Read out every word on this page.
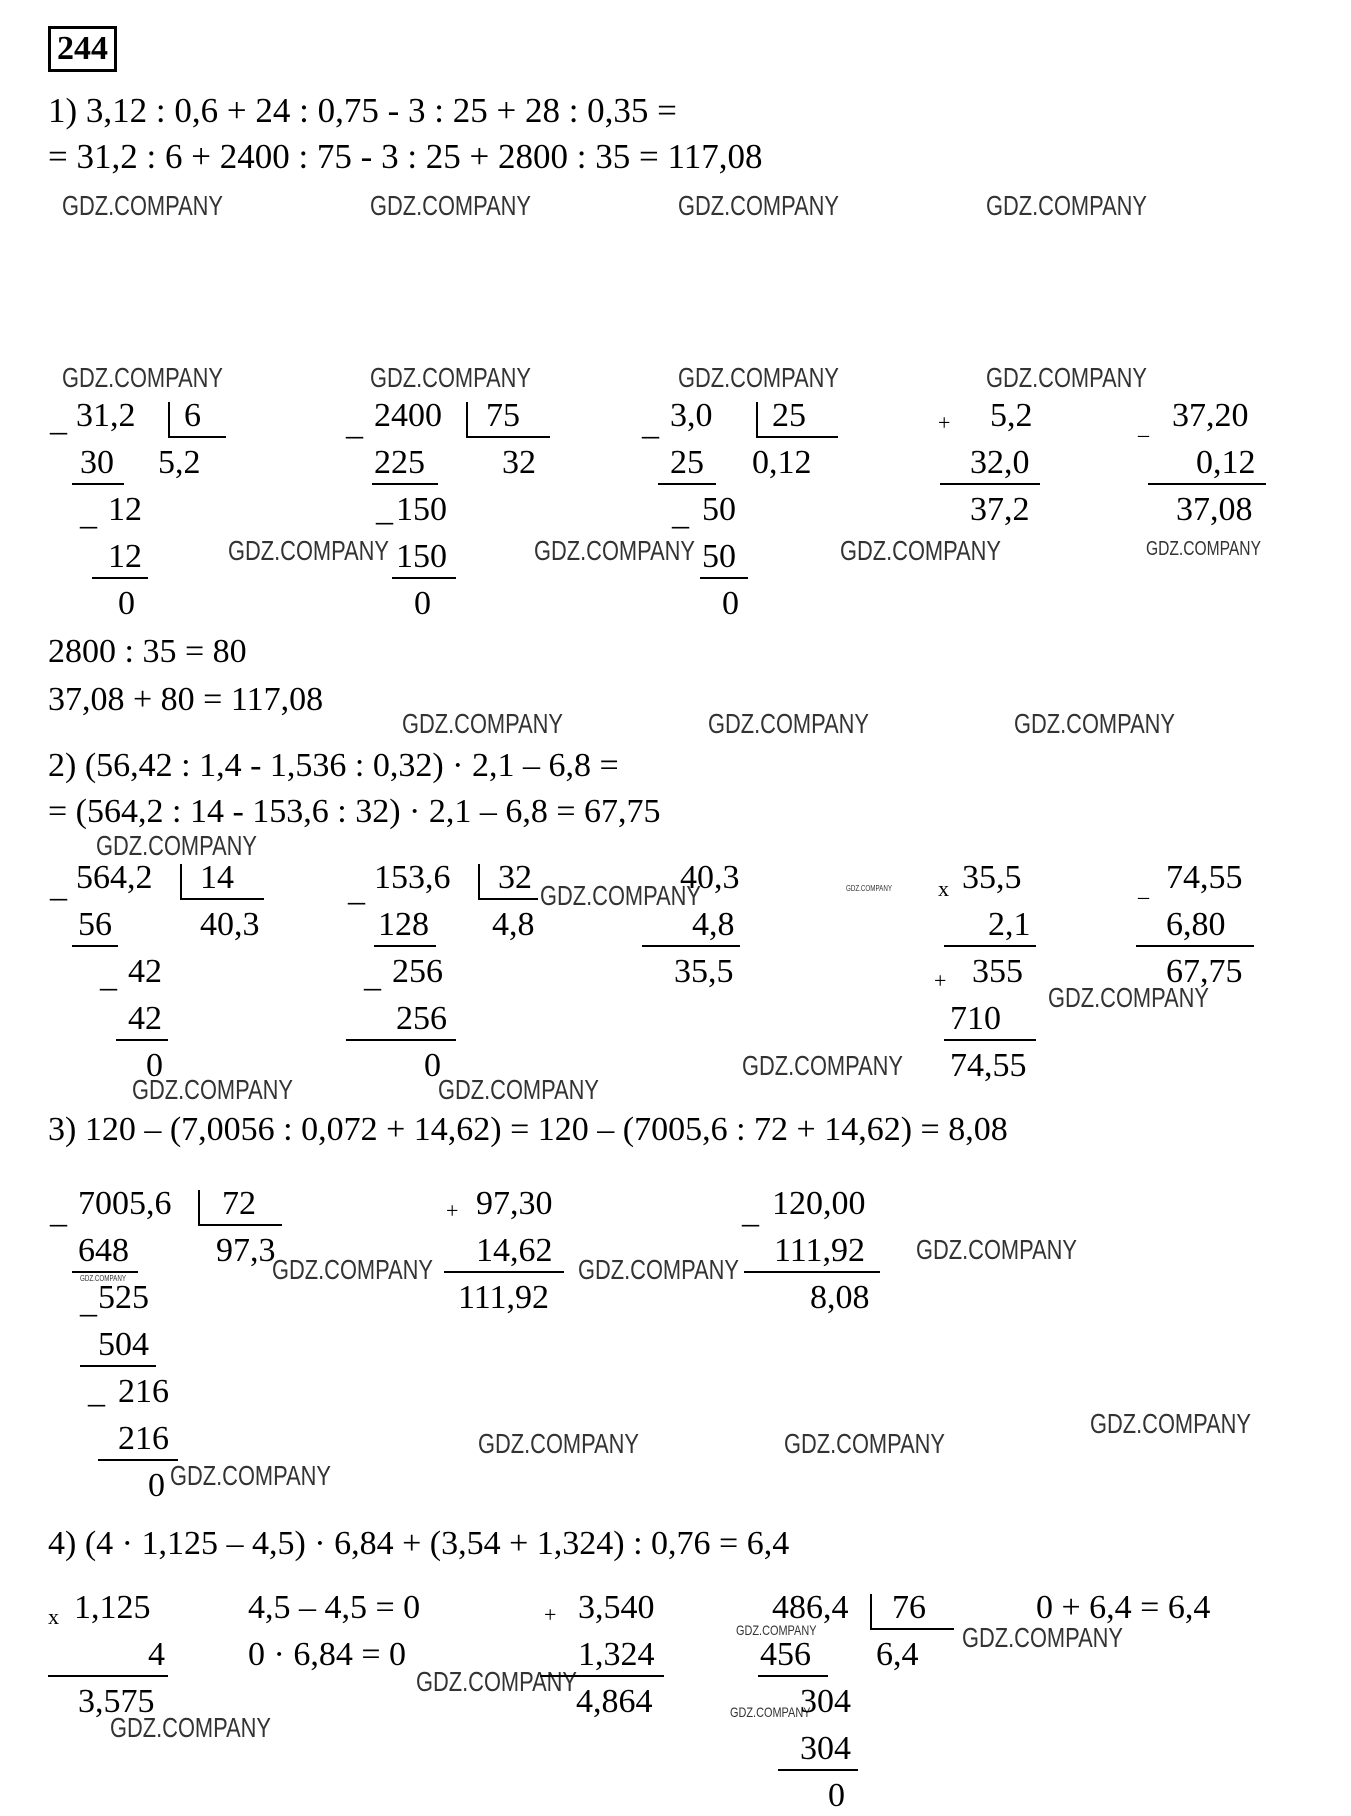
244
1) 3,12 : 0,6 + 24 : 0,75 - 3 : 25 + 28 : 0,35 =
= 31,2 : 6 + 2400 : 75 - 3 : 25 + 2800 : 35 = 117,08
GDZ.COMPANY	GDZ.COMPANY	GDZ.COMPANY	GDZ.COMPANY
GDZ.COMPANY	GDZ.COMPANY	GDZ.COMPANY	GDZ.COMPANY
_ 31,2 6
30 5,2
_ 12
12
0
_ 2400 75
225 32
_ 150
150
0
_ 3,0 25
25 0,12
_ 50
50
0
+ 5,2
32,0
37,2
_ 37,20
0,12
37,08
GDZ.COMPANY	GDZ.COMPANY	GDZ.COMPANY	GDZ.COMPANY
2800 : 35 = 80
37,08 + 80 = 117,08
GDZ.COMPANY	GDZ.COMPANY	GDZ.COMPANY
2) (56,42 : 1,4 - 1,536 : 0,32) · 2,1 – 6,8 =
= (564,2 : 14 - 153,6 : 32) · 2,1 – 6,8 = 67,75
GDZ.COMPANY
_ 564,2 14
56	40,3
_ 42
42
0
_ 153,6 32
128 4,8
_ 256
256
0
GDZ.COMPANY
40,3
4,8
35,5
GDZ.COMPANY x 35,5
2,1
+ 355
710
74,55
_ 74,55
6,80
67,75
GDZ.COMPANY
GDZ.COMPANY
GDZ.COMPANY	GDZ.COMPANY
3) 120 – (7,0056 : 0,072 + 14,62) = 120 – (7005,6 : 72 + 14,62) = 8,08
_ 7005,6 72
648
GDZ.COMPANY
97,3
_ 525
504
_ 216
216
0
GDZ.COMPANY
+ 97,30
14,62
111,92
GDZ.COMPANY
_ 120,00
111,92
8,08
GDZ.COMPANY
GDZ.COMPANY	GDZ.COMPANY
GDZ.COMPANY
GDZ.COMPANY
4) (4 · 1,125 – 4,5) · 6,84 + (3,54 + 1,324) : 0,76 = 6,4
x 1,125
4
3,575
GDZ.COMPANY
4,5 – 4,5 = 0
0 · 6,84 = 0
GDZ.COMPANY
+ 3,540
1,324
4,864
486,4 76
GDZ.COMPANY
456 6,4
GDZ.COMPANY
304
304
0
0 + 6,4 = 6,4
GDZ.COMPANY
